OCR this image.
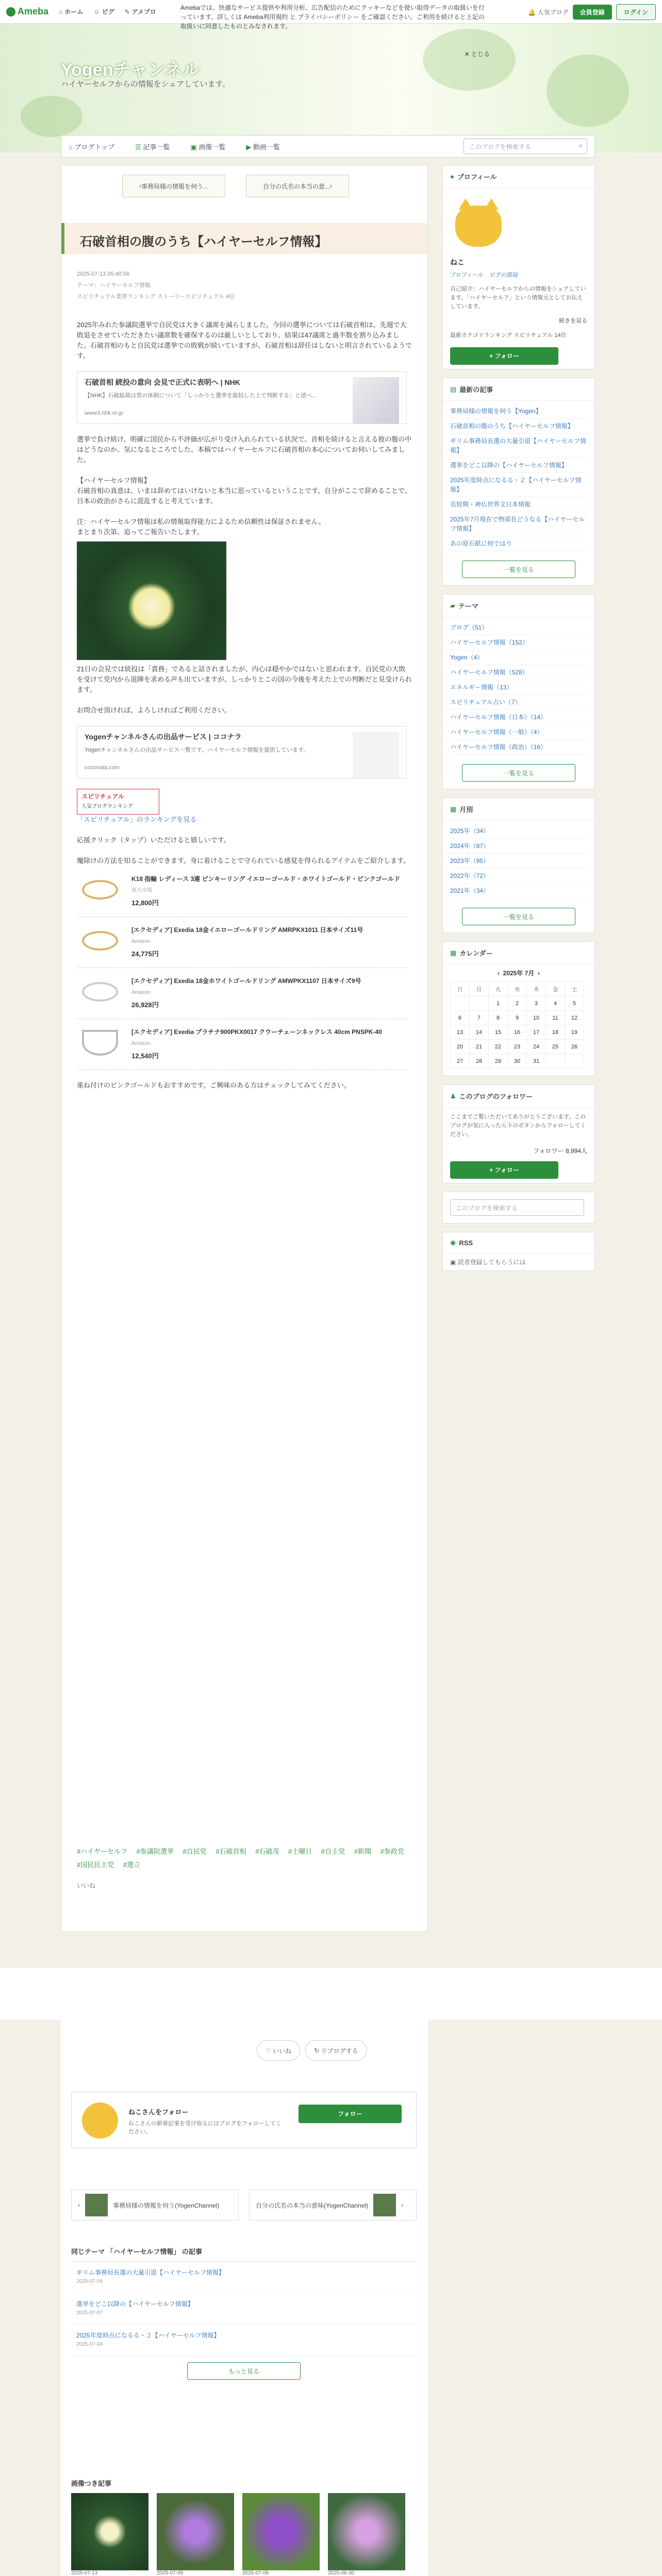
Ameba ⌂ ホーム ☺ ピグ ✎ アメブロ	🔔 人気ブログ	会員登録	ログイン
Amebaでは、快適なサービス提供や利用分析、広告配信のためにクッキーなどを使い取得データの取扱いを行っています。詳しくは Ameba利用規約 と プライバシーポリシー をご確認ください。ご利用を続けると上記の取扱いに同意したものとみなされます。
✕ とじる
Yogenチャンネル
ハイヤーセルフからの情報をシェアしています。
⌂ ブログトップ	☰ 記事一覧	▣ 画像一覧	▶ 動画一覧	このブログを検索する	⌕
‹ 事務局様の情報を伺う...	自分の氏名の本当の意... ›
石破首相の腹のうち【ハイヤーセルフ情報】
2025-07-13 05:40:56
テーマ：ハイヤーセルフ情報
スピリチュアル業界ランキング ストーリースピリチュアル 4位

2025年みれた参議院選挙で自民党は大きく議席を減らしました。今回の選挙については石破首相は、先週で大敗退をさせていただきたい議席数を確保するのは厳しいとしており、結果は47議席と過半数を割り込みました。石破首相のもと自民党は選挙での敗戦が続いていますが、石破首相は辞任はしないと明言されているようです。

石破首相 続投の意向 会見で正式に表明へ | NHK
【NHK】石破総裁は党の体制について「しっかりと選挙を総括した上で判断する」と述べ...
www3.nhk.or.jp

選挙で負け続け、明確に国民から不評価が広がり受け入れられている状況で、首相を続けると言える彼の腹の中はどうなのか、気になるところでした。本稿ではハイヤーセルフに石破首相の本心についてお伺いしてみました。

【ハイヤーセルフ情報】
石破首相の真意は、いまは辞めてはいけないと本当に思っているということです。自分がここで辞めることで、日本の政治がさらに混乱すると考えています。

注：ハイヤーセルフ情報は私の情報取得能力によるため信頼性は保証されません。
まとまり次第、追ってご報告いたします。

21日の会見では続投は「責務」であると話されましたが、内心は穏やかではないと思われます。自民党の大敗を受けて党内から退陣を求める声も出ていますが、しっかりとこの国の今後を考えた上での判断だと見受けられます。

お問合せ頂ければ、よろしければご利用ください。

Yogenチャンネルさんの出品サービス | ココナラ
Yogenチャンネルさんの出品サービス一覧です。ハイヤーセルフ情報を提供しています。
coconala.com

スピリチュアル
人気ブログランキング
「スピリチュアル」のランキングを見る

応援クリック（タップ）いただけると嬉しいです。

魔除けの方法を知ることができます。身に着けることで守られている感覚を得られるアイテムをご紹介します。

K18 指輪 レディース 3連 ピンキーリング イエローゴールド・ホワイトゴールド・ピンクゴールド
楽天市場
12,800円
[エクセディア] Exedia 18金イエローゴールドリング AMRPKX1011 日本サイズ11号
Amazon
24,775円
[エクセディア] Exedia 18金ホワイトゴールドリング AMWPKX1107 日本サイズ9号
Amazon
26,928円
[エクセディア] Exedia プラチナ900PKX0017 クウーチェーンネックレス 40cm PNSPK-40
Amazon
12,540円

重ね付けのピンクゴールドもおすすめです。ご興味のある方はチェックしてみてください。

#ハイヤーセルフ #参議院選挙 #自民党 #石破首相 #石破茂 #土曜日 #自主党 #新聞 #参政党 #国民民主党 #選立
いいね
● プロフィール
ねこ
プロフィール ピグの部屋
自己紹介：ハイヤーセルフからの情報をシェアしています。「ハイヤーセルフ」という情報元としてお伝えしています。
続きを見る
最新カテゴリランキング スピリチュアル 14位
+ フォロー
▤ 最新の記事
事務局様の情報を伺う【Yogen】
石破首相の腹のうち【ハイヤーセルフ情報】
ギリム事務局長選の大量引退【ハイヤーセルフ情報】
選挙をどこ以降の【ハイヤーセルフ情報】
2025年度時点になるる・２【ハイヤーセルフ情報】
長短期・神仏世界文日本情報
2025年7月現在で物部長どうなる【ハイヤーセルフ情報】
あの原石紙に何ではり
一覧を見る
▰ テーマ
ブログ（51）
ハイヤーセルフ情報（152）
Yogen（4）
ハイヤーセルフ情報（528）
エネルギー情報（13）
スピリチュアル占い（7）
ハイヤーセルフ情報（日本）（14）
ハイヤーセルフ情報（一般）（4）
ハイヤーセルフ情報（政治）（16）
一覧を見る
▦ 月別
2025年（34）
2024年（87）
2023年（95）
2022年（72）
2021年（34）
一覧を見る
▦ カレンダー
‹ 2025年 7月 ›
日	月	火	水	木	金	土
		1	2	3	4	5
6	7	8	9	10	11	12
13	14	15	16	17	18	19
20	21	22	23	24	25	26
27	28	29	30	31		
♟ このブログのフォロワー
ここまでご覧いただいてありがとうございます。このブログが気に入ったら下のボタンからフォローしてください。
フォロワー 8,994人
+ フォロー
このブログを検索する
◉ RSS
▣ 読者登録してもらうには
♡
いいね	↻
リブログする
ねこさんをフォロー
ねこさんの新着記事を受け取るにはブログをフォローしてください。
フォロー
‹	事務局様の情報を伺う(YogenChannel)	自分の氏名の本当の意味(YogenChannel)	›
同じテーマ 「ハイヤーセルフ情報」 の記事
ギリム事務局長選の大量引退【ハイヤーセルフ情報】
2025-07-09
選挙をどこ以降の【ハイヤーセルフ情報】
2025-07-07
2025年度時点になるる・２【ハイヤーセルフ情報】
2025-07-04
もっと見る
画像つき記事
2025-07-13	2025-07-09	2025-07-06	2025-06-30
